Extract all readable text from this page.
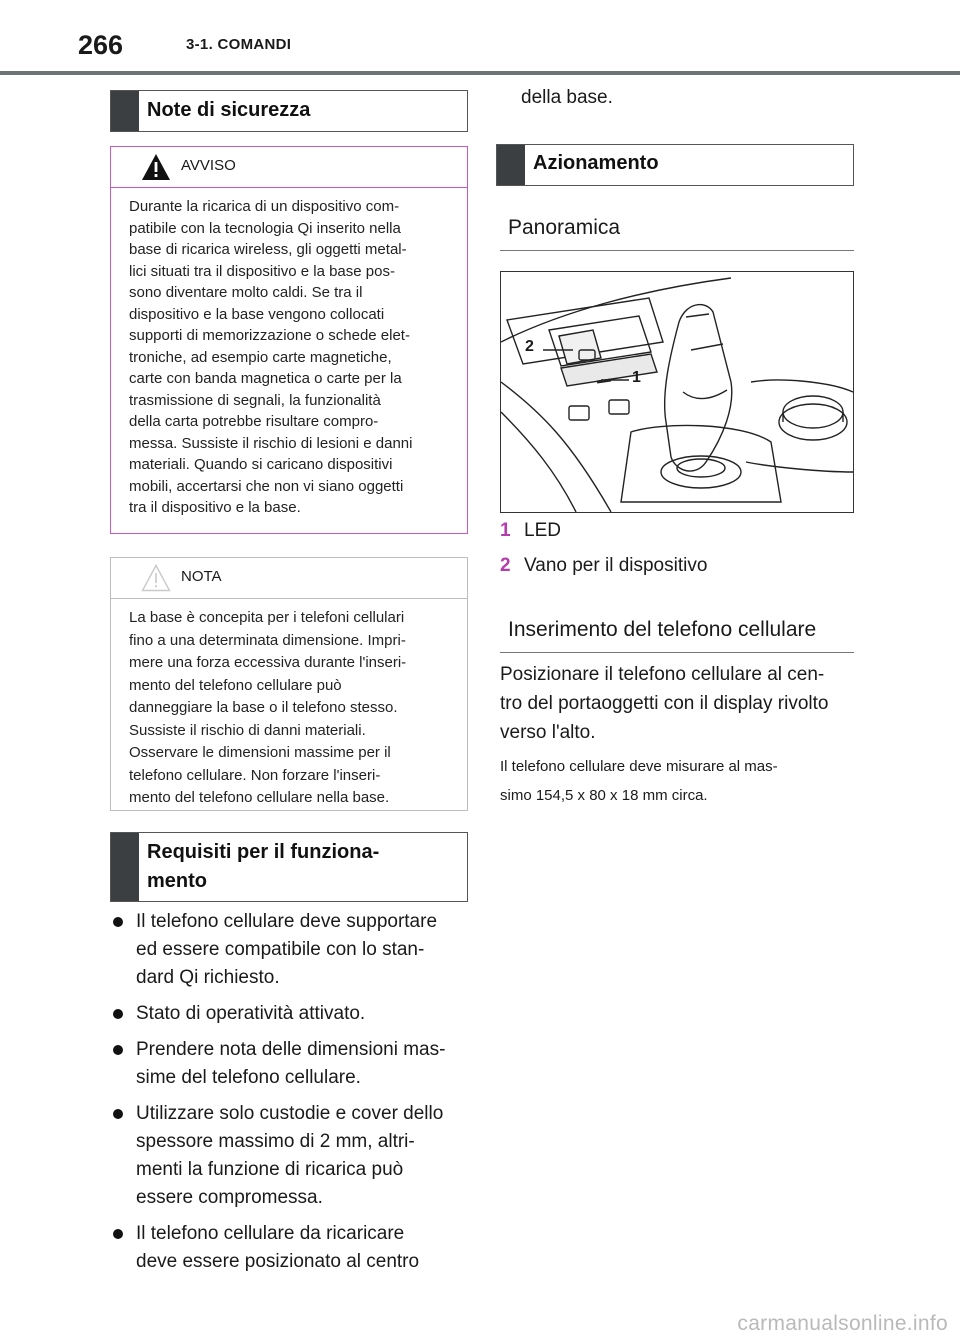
266	3-1. COMANDI
Note di sicurezza
AVVISO
Durante la ricarica di un dispositivo com-
patibile con la tecnologia Qi inserito nella
base di ricarica wireless, gli oggetti metal-
lici situati tra il dispositivo e la base pos-
sono diventare molto caldi. Se tra il
dispositivo e la base vengono collocati
supporti di memorizzazione o schede elet-
troniche, ad esempio carte magnetiche,
carte con banda magnetica o carte per la
trasmissione di segnali, la funzionalità
della carta potrebbe risultare compro-
messa. Sussiste il rischio di lesioni e danni
materiali. Quando si caricano dispositivi
mobili, accertarsi che non vi siano oggetti
tra il dispositivo e la base.
NOTA
La base è concepita per i telefoni cellulari
fino a una determinata dimensione. Impri-
mere una forza eccessiva durante l'inseri-
mento del telefono cellulare può
danneggiare la base o il telefono stesso.
Sussiste il rischio di danni materiali.
Osservare le dimensioni massime per il
telefono cellulare. Non forzare l'inseri-
mento del telefono cellulare nella base.
Requisiti per il funziona-
mento
Il telefono cellulare deve supportare
ed essere compatibile con lo stan-
dard Qi richiesto.
Stato di operatività attivato.
Prendere nota delle dimensioni mas-
sime del telefono cellulare.
Utilizzare solo custodie e cover dello
spessore massimo di 2 mm, altri-
menti la funzione di ricarica può
essere compromessa.
Il telefono cellulare da ricaricare
deve essere posizionato al centro
della base.
Azionamento
Panoramica
2
1
1 LED
2 Vano per il dispositivo
Inserimento del telefono cellulare
Posizionare il telefono cellulare al cen-
tro del portaoggetti con il display rivolto
verso l'alto.
Il telefono cellulare deve misurare al mas-
simo 154,5 x 80 x 18 mm circa.
carmanualsonline.info
